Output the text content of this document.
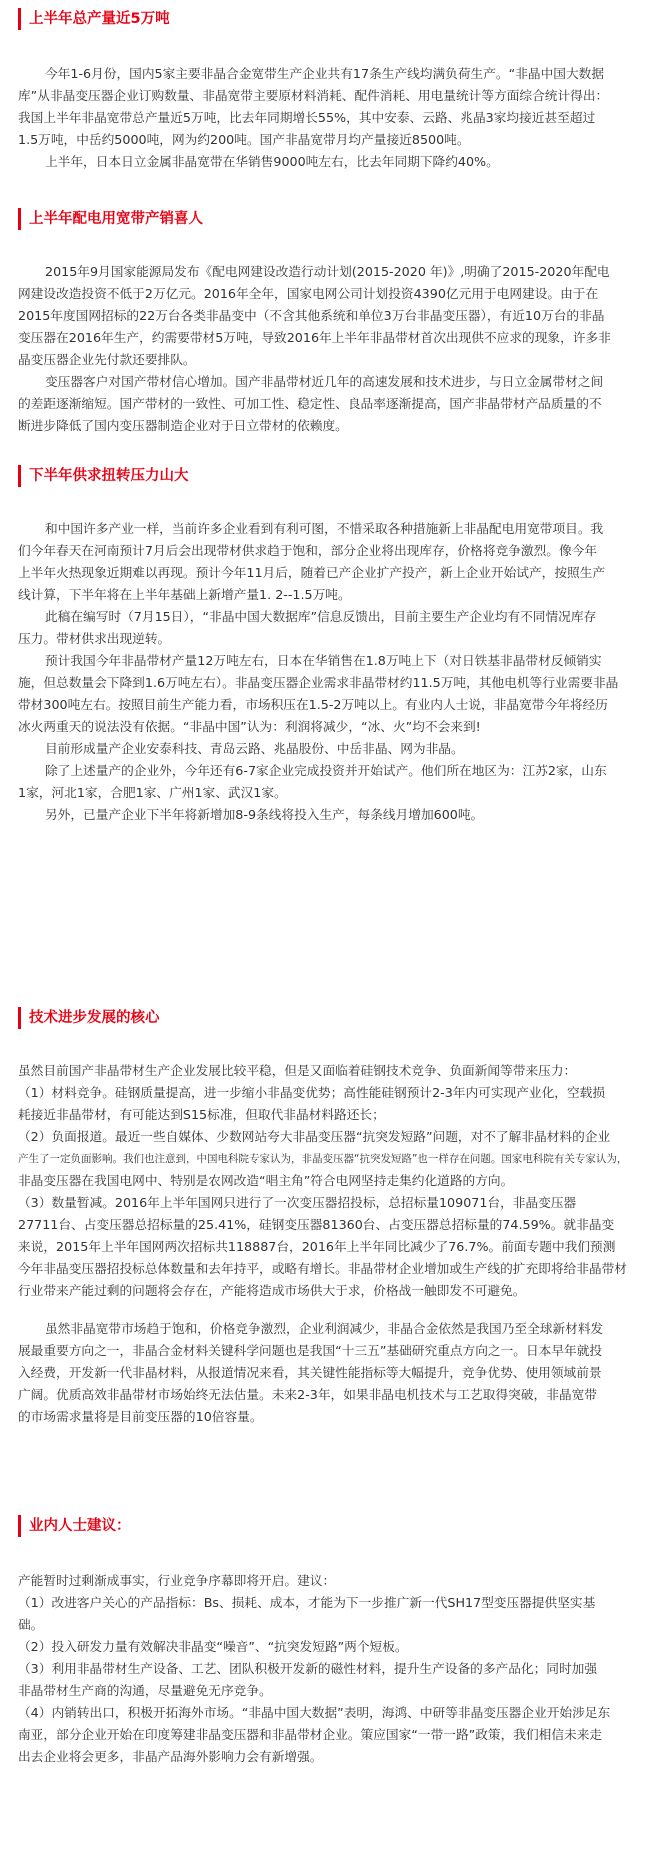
上半年总产量近5万吨
今年1-6月份，国内5家主要非晶合金宽带生产企业共有17条生产线均满负荷生产。“非晶中国大数据
库”从非晶变压器企业订购数量、非晶宽带主要原材料消耗、配件消耗、用电量统计等方面综合统计得出：
我国上半年非晶宽带总产量近5万吨，比去年同期增长55%，其中安泰、云路、兆晶3家均接近甚至超过
1.5万吨，中岳约5000吨，网为约200吨。国产非晶宽带月均产量接近8500吨。
上半年，日本日立金属非晶宽带在华销售9000吨左右，比去年同期下降约40%。
上半年配电用宽带产销喜人
2015年9月国家能源局发布《配电网建设改造行动计划(2015-2020 年)》,明确了2015-2020年配电
网建设改造投资不低于2万亿元。2016年全年，国家电网公司计划投资4390亿元用于电网建设。由于在
2015年度国网招标的22万台各类非晶变中（不含其他系统和单位3万台非晶变压器），有近10万台的非晶
变压器在2016年生产，约需要带材5万吨，导致2016年上半年非晶带材首次出现供不应求的现象，许多非
晶变压器企业先付款还要排队。
变压器客户对国产带材信心增加。国产非晶带材近几年的高速发展和技术进步，与日立金属带材之间
的差距逐渐缩短。国产带材的一致性、可加工性、稳定性、良品率逐渐提高，国产非晶带材产品质量的不
断进步降低了国内变压器制造企业对于日立带材的依赖度。
下半年供求扭转压力山大
和中国许多产业一样，当前许多企业看到有利可图，不惜采取各种措施新上非晶配电用宽带项目。我
们今年春天在河南预计7月后会出现带材供求趋于饱和，部分企业将出现库存，价格将竞争激烈。像今年
上半年火热现象近期难以再现。预计今年11月后，随着已产企业扩产投产，新上企业开始试产，按照生产
线计算，下半年将在上半年基础上新增产量1. 2--1.5万吨。
此稿在编写时（7月15日），“非晶中国大数据库”信息反馈出，目前主要生产企业均有不同情况库存
压力。带材供求出现逆转。
预计我国今年非晶带材产量12万吨左右，日本在华销售在1.8万吨上下（对日铁基非晶带材反倾销实
施，但总数量会下降到1.6万吨左右）。非晶变压器企业需求非晶带材约11.5万吨，其他电机等行业需要非晶
带材300吨左右。按照目前生产能力看，市场积压在1.5-2万吨以上。有业内人士说，非晶宽带今年将经历
冰火两重天的说法没有依据。“非晶中国”认为：利润将减少，“冰、火”均不会来到!
目前形成量产企业安泰科技、青岛云路、兆晶股份、中岳非晶、网为非晶。
除了上述量产的企业外，今年还有6-7家企业完成投资并开始试产。他们所在地区为：江苏2家，山东
1家，河北1家，合肥1家、广州1家、武汉1家。
另外，已量产企业下半年将新增加8-9条线将投入生产，每条线月增加600吨。
技术进步发展的核心
虽然目前国产非晶带材生产企业发展比较平稳，但是又面临着硅钢技术竞争、负面新闻等带来压力：
（1）材料竞争。硅钢质量提高，进一步缩小非晶变优势；高性能硅钢预计2-3年内可实现产业化，空载损
耗接近非晶带材，有可能达到S15标准，但取代非晶材料路还长；
（2）负面报道。最近一些自媒体、少数网站夸大非晶变压器“抗突发短路”问题，对不了解非晶材料的企业
产生了一定负面影响。我们也注意到，中国电科院专家认为，非晶变压器“抗突发短路”也一样存在问题。国家电科院有关专家认为，
非晶变压器在我国电网中、特别是农网改造“唱主角”符合电网坚持走集约化道路的方向。
（3）数量暂减。2016年上半年国网只进行了一次变压器招投标，总招标量109071台，非晶变压器
27711台、占变压器总招标量的25.41%，硅钢变压器81360台、占变压器总招标量的74.59%。就非晶变
来说，2015年上半年国网两次招标共118887台，2016年上半年同比减少了76.7%。前面专题中我们预测
今年非晶变压器招投标总体数量和去年持平，或略有增长。非晶带材企业增加或生产线的扩充即将给非晶带材
行业带来产能过剩的问题将会存在，产能将造成市场供大于求，价格战一触即发不可避免。
虽然非晶宽带市场趋于饱和，价格竞争激烈，企业利润减少，非晶合金依然是我国乃至全球新材料发
展最重要方向之一，非晶合金材料关键科学问题也是我国“十三五”基础研究重点方向之一。日本早年就投
入经费，开发新一代非晶材料，从报道情况来看，其关键性能指标等大幅提升，竞争优势、使用领域前景
广阔。优质高效非晶带材市场始终无法估量。未来2-3年，如果非晶电机技术与工艺取得突破，非晶宽带
的市场需求量将是目前变压器的10倍容量。
业内人士建议：
产能暂时过剩渐成事实，行业竞争序幕即将开启。建议：
（1）改进客户关心的产品指标：Bs、损耗、成本，才能为下一步推广新一代SH17型变压器提供坚实基
础。
（2）投入研发力量有效解决非晶变“噪音”、“抗突发短路”两个短板。
（3）利用非晶带材生产设备、工艺、团队积极开发新的磁性材料，提升生产设备的多产品化；同时加强
非晶带材生产商的沟通，尽量避免无序竞争。
（4）内销转出口，积极开拓海外市场。“非晶中国大数据”表明，海鸿、中研等非晶变压器企业开始涉足东
南亚，部分企业开始在印度筹建非晶变压器和非晶带材企业。策应国家“一带一路”政策，我们相信未来走
出去企业将会更多，非晶产品海外影响力会有新增强。
